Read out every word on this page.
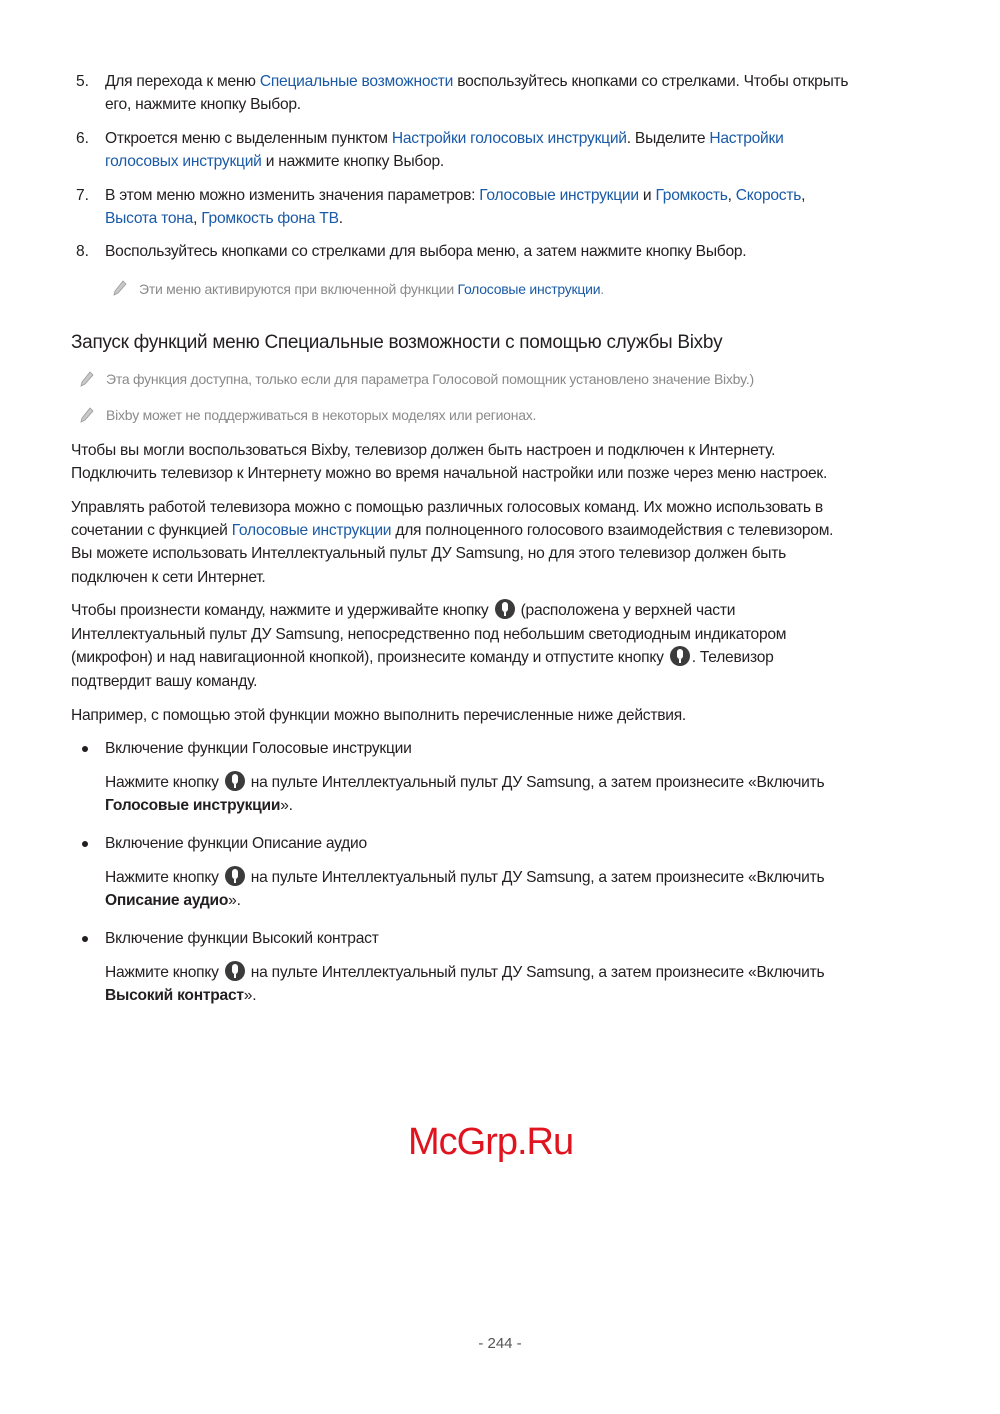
5. Для перехода к меню Специальные возможности воспользуйтесь кнопками со стрелками. Чтобы открыть
его, нажмите кнопку Выбор.
6. Откроется меню с выделенным пунктом Настройки голосовых инструкций. Выделите Настройки
голосовых инструкций и нажмите кнопку Выбор.
7. В этом меню можно изменить значения параметров: Голосовые инструкции и Громкость, Скорость,
Высота тона, Громкость фона ТВ.
8. Воспользуйтесь кнопками со стрелками для выбора меню, а затем нажмите кнопку Выбор.
Эти меню активируются при включенной функции Голосовые инструкции.
Эта функция доступна, только если для параметра Голосовой помощник установлено значение Bixby.)
Bixby может не поддерживаться в некоторых моделях или регионах.
Чтобы вы могли воспользоваться Bixby, телевизор должен быть настроен и подключен к Интернету.
Подключить телевизор к Интернету можно во время начальной настройки или позже через меню настроек.
Управлять работой телевизора можно с помощью различных голосовых команд. Их можно использовать в
сочетании с функцией Голосовые инструкции для полноценного голосового взаимодействия с телевизором.
Вы можете использовать Интеллектуальный пульт ДУ Samsung, но для этого телевизор должен быть
подключен к сети Интернет.
Чтобы произнести команду, нажмите и удерживайте кнопку  (расположена у верхней части
Интеллектуальный пульт ДУ Samsung, непосредственно под небольшим светодиодным индикатором
(микрофон) и над навигационной кнопкой), произнесите команду и отпустите кнопку . Телевизор
подтвердит вашу команду.
Например, с помощью этой функции можно выполнить перечисленные ниже действия.
Включение функции Голосовые инструкции
Нажмите кнопку  на пульте Интеллектуальный пульт ДУ Samsung, а затем произнесите «Включить
Голосовые инструкции».
Включение функции Описание аудио
Нажмите кнопку  на пульте Интеллектуальный пульт ДУ Samsung, а затем произнесите «Включить
Описание аудио».
Включение функции Высокий контраст
Нажмите кнопку  на пульте Интеллектуальный пульт ДУ Samsung, а затем произнесите «Включить
Высокий контраст».
Запуск функций меню Специальные возможности с помощью службы Bixby
McGrp.Ru
- 244 -
